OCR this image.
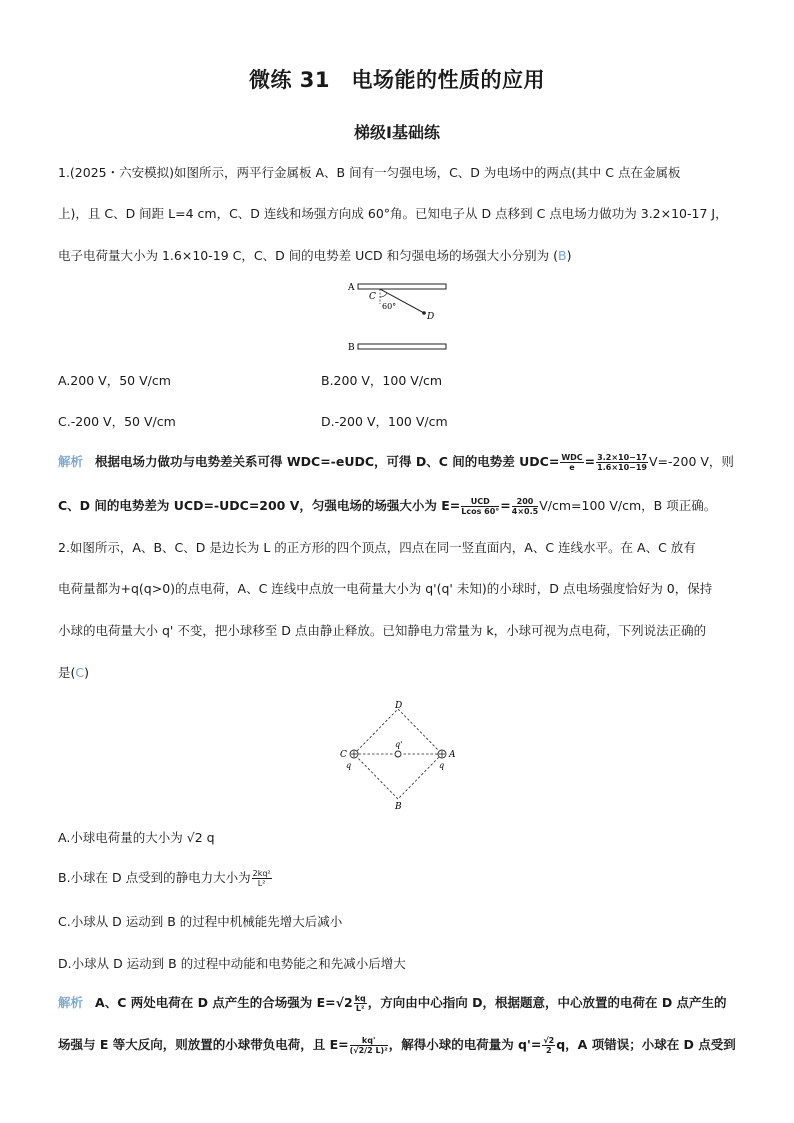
微练 31　电场能的性质的应用
梯级Ⅰ基础练
1.(2025・六安模拟)如图所示，两平行金属板 A、B 间有一匀强电场，C、D 为电场中的两点(其中 C 点在金属板
上)，且 C、D 间距 L=4 cm，C、D 连线和场强方向成 60°角。已知电子从 D 点移到 C 点电场力做功为 3.2×10-17 J，
电子电荷量大小为 1.6×10-19 C，C、D 间的电势差 UCD 和匀强电场的场强大小分别为 (B)
A
B
C
60°
D
A.200 V，50 V/cm	B.200 V，100 V/cm
C.-200 V，50 V/cm	D.-200 V，100 V/cm
解析 根据电场力做功与电势差关系可得 WDC=-eUDC，可得 D、C 间的电势差 $UDC= \frac{\text{WDC}}{e} = \frac{3.2\times 10-17}{1.6\times 10-19} V=-200$ V，则
C、D 间的电势差为 UCD=-UDC=200 V，匀强电场的场强大小为 $E= \frac{\text{UCD}}{Lcos 60^\circ} = \frac{200}{4\times 0.5} V/cm=100$ V/cm，B 项正确。
2.如图所示，A、B、C、D 是边长为 L 的正方形的四个顶点，四点在同一竖直面内，A、C 连线水平。在 A、C 放有
电荷量都为+q(q>0)的点电荷，A、C 连线中点放一电荷量大小为 q'(q' 未知)的小球时，D 点电场强度恰好为 0，保持
小球的电荷量大小 q' 不变，把小球移至 D 点由静止释放。已知静电力常量为 k，小球可视为点电荷，下列说法正确的
是(C)
D
B
C	A
q'
q	q
A.小球电荷量的大小为 √2 q
B.小球在 D 点受到的静电力大小为 $\frac{\text{2kq²}}{\text{L²}}$
C.小球从 D 运动到 B 的过程中机械能先增大后减小
D.小球从 D 运动到 B 的过程中动能和电势能之和先减小后增大
解析 A、C 两处电荷在 D 点产生的合场强为 $E=√2 \frac{kq}{\text{L²}}$ ，方向由中心指向 D，根据题意，中心放置的电荷在 D 点产生的
场强与 E 等大反向，则放置的小球带负电荷，且 $E= \frac{kq'}{\text{(√2/2 L)²}}$ ，解得小球的电荷量为 $q'= \frac{√2}{2}$ q，A 项错误；小球在 D 点受到
